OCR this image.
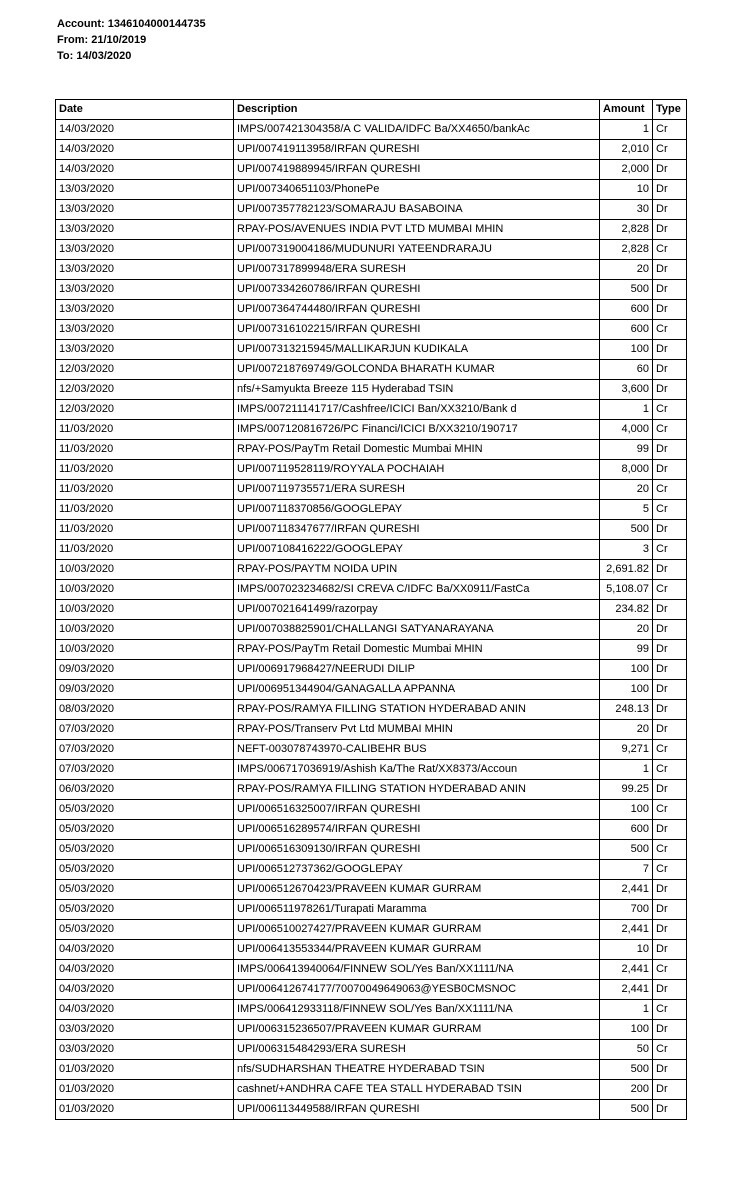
Account: 1346104000144735
From: 21/10/2019
To: 14/03/2020
Date	Description	Amount	Type
14/03/2020	IMPS/007421304358/A C VALIDA/IDFC Ba/XX4650/bankAc	1	Cr
14/03/2020	UPI/007419113958/IRFAN QURESHI	2,010	Cr
14/03/2020	UPI/007419889945/IRFAN QURESHI	2,000	Dr
13/03/2020	UPI/007340651103/PhonePe	10	Dr
13/03/2020	UPI/007357782123/SOMARAJU BASABOINA	30	Dr
13/03/2020	RPAY-POS/AVENUES INDIA PVT LTD MUMBAI MHIN	2,828	Dr
13/03/2020	UPI/007319004186/MUDUNURI YATEENDRARAJU	2,828	Cr
13/03/2020	UPI/007317899948/ERA SURESH	20	Dr
13/03/2020	UPI/007334260786/IRFAN QURESHI	500	Dr
13/03/2020	UPI/007364744480/IRFAN QURESHI	600	Dr
13/03/2020	UPI/007316102215/IRFAN QURESHI	600	Cr
13/03/2020	UPI/007313215945/MALLIKARJUN KUDIKALA	100	Dr
12/03/2020	UPI/007218769749/GOLCONDA BHARATH KUMAR	60	Dr
12/03/2020	nfs/+Samyukta Breeze 115 Hyderabad TSIN	3,600	Dr
12/03/2020	IMPS/007211141717/Cashfree/ICICI Ban/XX3210/Bank d	1	Cr
11/03/2020	IMPS/007120816726/PC Financi/ICICI B/XX3210/190717	4,000	Cr
11/03/2020	RPAY-POS/PayTm Retail Domestic Mumbai MHIN	99	Dr
11/03/2020	UPI/007119528119/ROYYALA POCHAIAH	8,000	Dr
11/03/2020	UPI/007119735571/ERA SURESH	20	Cr
11/03/2020	UPI/007118370856/GOOGLEPAY	5	Cr
11/03/2020	UPI/007118347677/IRFAN QURESHI	500	Dr
11/03/2020	UPI/007108416222/GOOGLEPAY	3	Cr
10/03/2020	RPAY-POS/PAYTM NOIDA UPIN	2,691.82	Dr
10/03/2020	IMPS/007023234682/SI CREVA C/IDFC Ba/XX0911/FastCa	5,108.07	Cr
10/03/2020	UPI/007021641499/razorpay	234.82	Dr
10/03/2020	UPI/007038825901/CHALLANGI SATYANARAYANA	20	Dr
10/03/2020	RPAY-POS/PayTm Retail Domestic Mumbai MHIN	99	Dr
09/03/2020	UPI/006917968427/NEERUDI DILIP	100	Dr
09/03/2020	UPI/006951344904/GANAGALLA APPANNA	100	Dr
08/03/2020	RPAY-POS/RAMYA FILLING STATION HYDERABAD ANIN	248.13	Dr
07/03/2020	RPAY-POS/Transerv Pvt Ltd MUMBAI MHIN	20	Dr
07/03/2020	NEFT-003078743970-CALIBEHR BUS	9,271	Cr
07/03/2020	IMPS/006717036919/Ashish Ka/The Rat/XX8373/Accoun	1	Cr
06/03/2020	RPAY-POS/RAMYA FILLING STATION HYDERABAD ANIN	99.25	Dr
05/03/2020	UPI/006516325007/IRFAN QURESHI	100	Cr
05/03/2020	UPI/006516289574/IRFAN QURESHI	600	Dr
05/03/2020	UPI/006516309130/IRFAN QURESHI	500	Cr
05/03/2020	UPI/006512737362/GOOGLEPAY	7	Cr
05/03/2020	UPI/006512670423/PRAVEEN KUMAR GURRAM	2,441	Dr
05/03/2020	UPI/006511978261/Turapati Maramma	700	Dr
05/03/2020	UPI/006510027427/PRAVEEN KUMAR GURRAM	2,441	Dr
04/03/2020	UPI/006413553344/PRAVEEN KUMAR GURRAM	10	Dr
04/03/2020	IMPS/006413940064/FINNEW SOL/Yes Ban/XX1111/NA	2,441	Cr
04/03/2020	UPI/006412674177/70070049649063@YESB0CMSNOC	2,441	Dr
04/03/2020	IMPS/006412933118/FINNEW SOL/Yes Ban/XX1111/NA	1	Cr
03/03/2020	UPI/006315236507/PRAVEEN KUMAR GURRAM	100	Dr
03/03/2020	UPI/006315484293/ERA SURESH	50	Cr
01/03/2020	nfs/SUDHARSHAN THEATRE HYDERABAD TSIN	500	Dr
01/03/2020	cashnet/+ANDHRA CAFE TEA STALL HYDERABAD TSIN	200	Dr
01/03/2020	UPI/006113449588/IRFAN QURESHI	500	Dr
